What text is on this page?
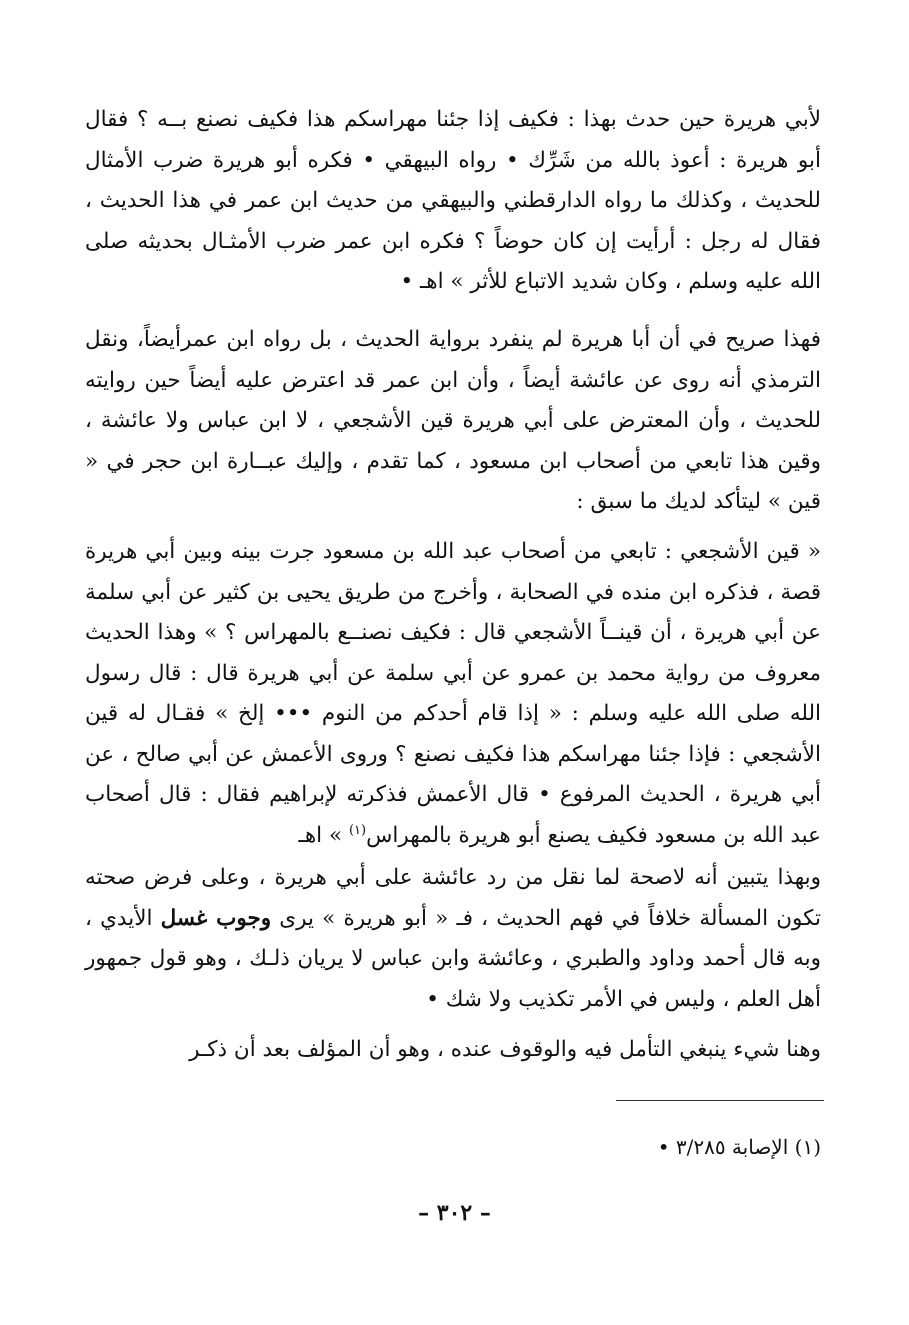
لأبي هريرة حين حدث بهذا : فكيف إذا جئنا مهراسكم هذا فكيف نصنع بــه ؟ فقال أبو هريرة : أعوذ بالله من شَرِّك • رواه البيهقي • فكره أبو هريرة ضرب الأمثال للحديث ، وكذلك ما رواه الدارقطني والبيهقي من حديث ابن عمر في هذا الحديث ، فقال له رجل : أرأيت إن كان حوضاً ؟ فكره ابن عمر ضرب الأمثـال بحديثه صلى الله عليه وسلم ، وكان شديد الاتباع للأثر » اهـ •

فهذا صريح في أن أبا هريرة لم ينفرد برواية الحديث ، بل رواه ابن عمرأيضاً، ونقل الترمذي أنه روى عن عائشة أيضاً ، وأن ابن عمر قد اعترض عليه أيضاً حين روايته للحديث ، وأن المعترض على أبي هريرة قين الأشجعي ، لا ابن عباس ولا عائشة ، وقين هذا تابعي من أصحاب ابن مسعود ، كما تقدم ، وإليك عبــارة ابن حجر في « قين » ليتأكد لديك ما سبق :

« قين الأشجعي : تابعي من أصحاب عبد الله بن مسعود جرت بينه وبين أبي هريرة قصة ، فذكره ابن منده في الصحابة ، وأخرج من طريق يحيى بن كثير عن أبي سلمة عن أبي هريرة ، أن قينــاً الأشجعي قال : فكيف نصنــع بالمهراس ؟ » وهذا الحديث معروف من رواية محمد بن عمرو عن أبي سلمة عن أبي هريرة قال : قال رسول الله صلى الله عليه وسلم : « إذا قام أحدكم من النوم ••• إلخ » فقـال له قين الأشجعي : فإذا جئنا مهراسكم هذا فكيف نصنع ؟ وروى الأعمش عن أبي صالح ، عن أبي هريرة ، الحديث المرفوع • قال الأعمش فذكرته لإبراهيم فقال : قال أصحاب عبد الله بن مسعود فكيف يصنع أبو هريرة بالمهراس$^{(١)}$ » اهـ

وبهذا يتبين أنه لاصحة لما نقل من رد عائشة على أبي هريرة ، وعلى فرض صحته تكون المسألة خلافاً في فهم الحديث ، فـ « أبو هريرة » يرى وجوب غسل الأيدي ، وبه قال أحمد وداود والطبري ، وعائشة وابن عباس لا يريان ذلـك ، وهو قول جمهور أهل العلم ، وليس في الأمر تكذيب ولا شك •

وهنا شيء ينبغي التأمل فيه والوقوف عنده ، وهو أن المؤلف بعد أن ذكـر

(١) الإصابة ٣/٢٨٥ •
– ٣٠٢ –
